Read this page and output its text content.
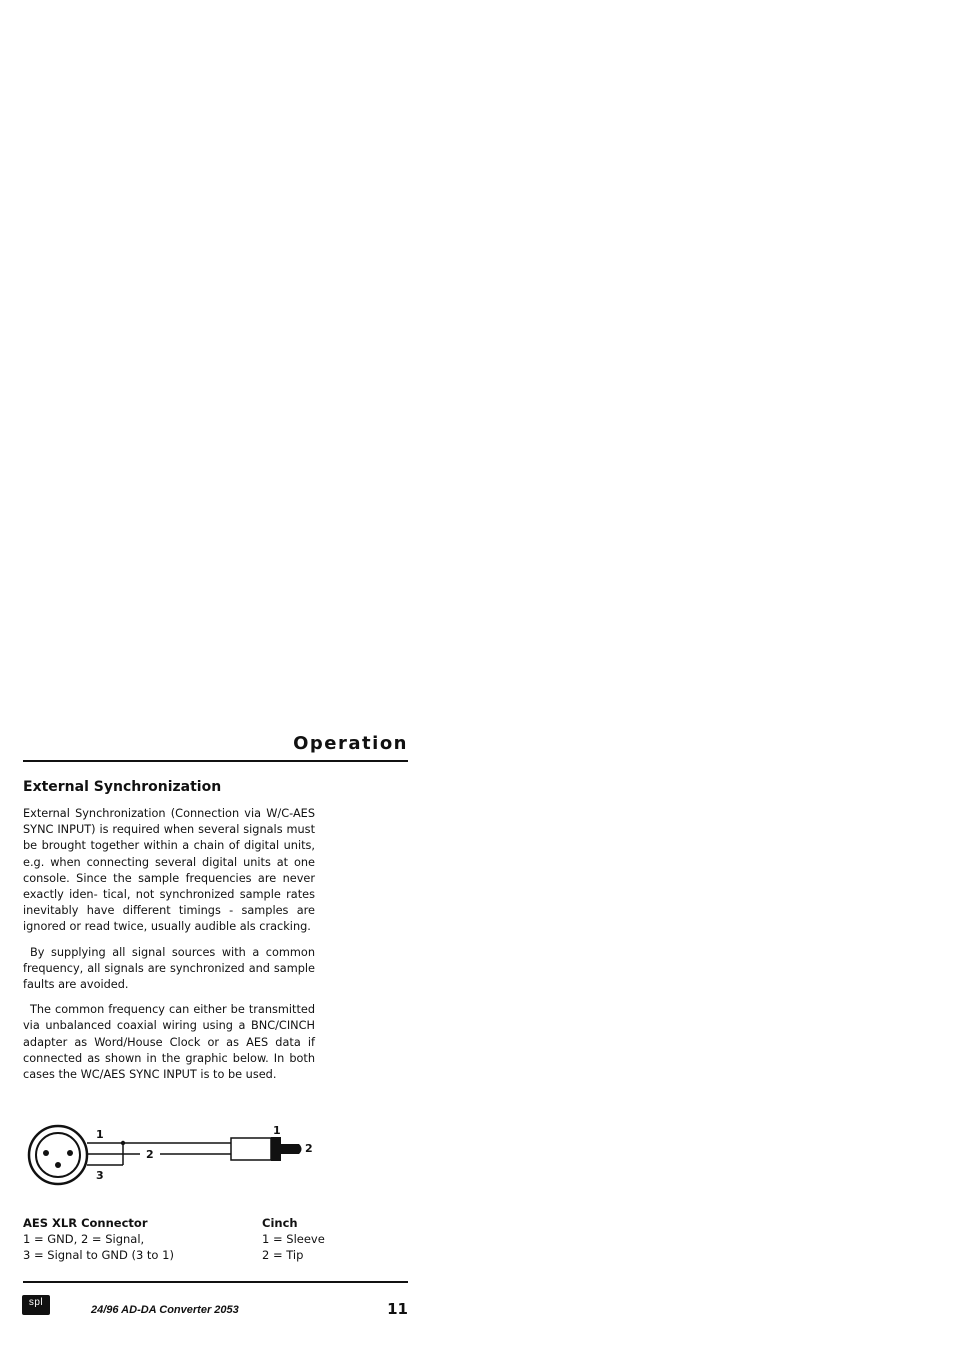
Operation
External Synchronization

External Synchronization (Connection via W/C-AES SYNC INPUT) is required when several signals must be brought together within a chain of digital units, e.g. when connecting several digital units at one console. Since the sample frequencies are never exactly iden- tical, not synchronized sample rates inevitably have different timings - samples are ignored or read twice, usually audible als cracking.

By supplying all signal sources with a common frequency, all signals are synchronized and sample faults are avoided.

The common frequency can either be transmitted via unbalanced coaxial wiring using a BNC/CINCH adapter as Word/House Clock or as AES data if connected as shown in the graphic below. In both cases the WC/AES SYNC INPUT is to be used.

1
2
3
1
2
AES XLR Connector
1 = GND, 2 = Signal,
3 = Signal to GND (3 to 1)
Cinch
1 = Sleeve
2 = Tip
spl
24/96 AD-DA Converter 2053	11
